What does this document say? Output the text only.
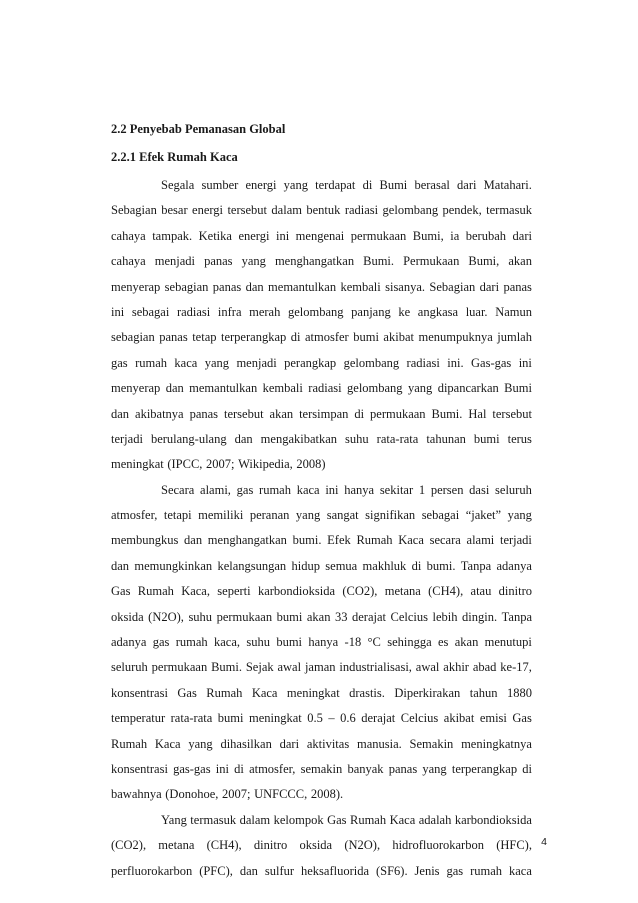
2.2 Penyebab Pemanasan Global
2.2.1 Efek Rumah Kaca
Segala sumber energi yang terdapat di Bumi berasal dari Matahari.
Sebagian besar energi tersebut dalam bentuk radiasi gelombang pendek, termasuk
cahaya tampak. Ketika energi ini mengenai permukaan Bumi, ia berubah dari
cahaya menjadi panas yang menghangatkan Bumi. Permukaan Bumi, akan
menyerap sebagian panas dan memantulkan kembali sisanya. Sebagian dari panas
ini sebagai radiasi infra merah gelombang panjang ke angkasa luar. Namun
sebagian panas tetap terperangkap di atmosfer bumi akibat menumpuknya jumlah
gas rumah kaca yang menjadi perangkap gelombang radiasi ini. Gas-gas ini
menyerap dan memantulkan kembali radiasi gelombang yang dipancarkan Bumi
dan akibatnya panas tersebut akan tersimpan di permukaan Bumi. Hal tersebut
terjadi berulang-ulang dan mengakibatkan suhu rata-rata tahunan bumi terus
meningkat (IPCC, 2007; Wikipedia, 2008)
Secara alami, gas rumah kaca ini hanya sekitar 1 persen dasi seluruh
atmosfer, tetapi memiliki peranan yang sangat signifikan sebagai “jaket” yang
membungkus dan menghangatkan bumi. Efek Rumah Kaca secara alami terjadi
dan memungkinkan kelangsungan hidup semua makhluk di bumi. Tanpa adanya
Gas Rumah Kaca, seperti karbondioksida (CO2), metana (CH4), atau dinitro
oksida (N2O), suhu permukaan bumi akan 33 derajat Celcius lebih dingin. Tanpa
adanya gas rumah kaca, suhu bumi hanya -18 °C sehingga es akan menutupi
seluruh permukaan Bumi. Sejak awal jaman industrialisasi, awal akhir abad ke-17,
konsentrasi Gas Rumah Kaca meningkat drastis. Diperkirakan tahun 1880
temperatur rata-rata bumi meningkat 0.5 – 0.6 derajat Celcius akibat emisi Gas
Rumah Kaca yang dihasilkan dari aktivitas manusia. Semakin meningkatnya
konsentrasi gas-gas ini di atmosfer, semakin banyak panas yang terperangkap di
bawahnya (Donohoe, 2007; UNFCCC, 2008).
Yang termasuk dalam kelompok Gas Rumah Kaca adalah karbondioksida
(CO2), metana (CH4), dinitro oksida (N2O), hidrofluorokarbon (HFC),
perfluorokarbon (PFC), dan sulfur heksafluorida (SF6). Jenis gas rumah kaca
4
